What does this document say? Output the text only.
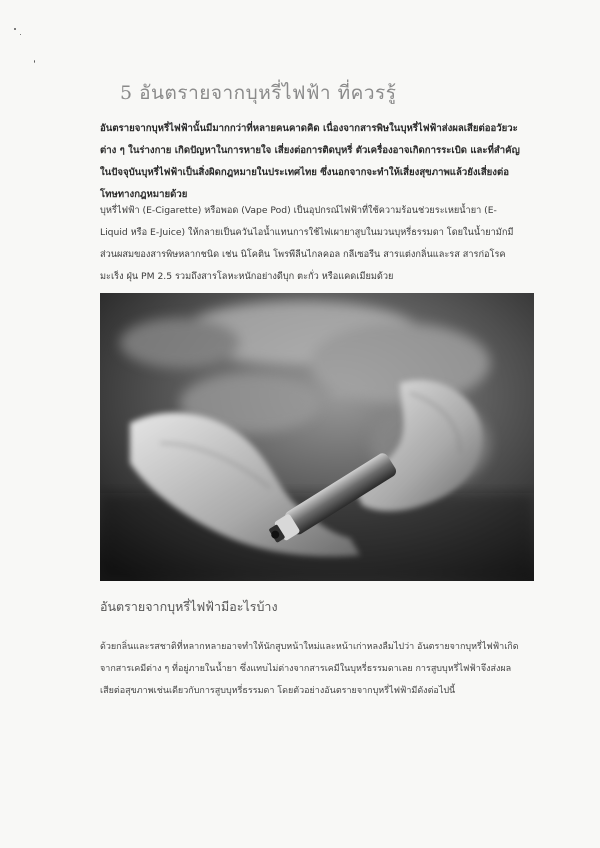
5 อันตรายจากบุหรี่ไฟฟ้า ที่ควรรู้

อันตรายจากบุหรี่ไฟฟ้านั้นมีมากกว่าที่หลายคนคาดคิด เนื่องจากสารพิษในบุหรี่ไฟฟ้าส่งผลเสียต่ออวัยวะต่าง ๆ ในร่างกาย เกิดปัญหาในการหายใจ เสี่ยงต่อการติดบุหรี่ ตัวเครื่องอาจเกิดการระเบิด และที่สำคัญ ในปัจจุบันบุหรี่ไฟฟ้าเป็นสิ่งผิดกฎหมายในประเทศไทย ซึ่งนอกจากจะทำให้เสี่ยงสุขภาพแล้วยังเสี่ยงต่อโทษทางกฎหมายด้วย

บุหรี่ไฟฟ้า (E-Cigarette) หรือพอด (Vape Pod) เป็นอุปกรณ์ไฟฟ้าที่ใช้ความร้อนช่วยระเหยน้ำยา (E-Liquid หรือ E-Juice) ให้กลายเป็นควันไอน้ำแทนการใช้ไฟเผายาสูบในมวนบุหรี่ธรรมดา โดยในน้ำยามักมีส่วนผสมของสารพิษหลากชนิด เช่น นิโคติน โพรพีลีนไกลคอล กลีเซอรีน สารแต่งกลิ่นและรส สารก่อโรคมะเร็ง ฝุ่น PM 2.5 รวมถึงสารโลหะหนักอย่างดีบุก ตะกั่ว หรือแคดเมียมด้วย

อันตรายจากบุหรี่ไฟฟ้ามีอะไรบ้าง

ด้วยกลิ่นและรสชาติที่หลากหลายอาจทำให้นักสูบหน้าใหม่และหน้าเก่าหลงลืมไปว่า อันตรายจากบุหรี่ไฟฟ้าเกิดจากสารเคมีต่าง ๆ ที่อยู่ภายในน้ำยา ซึ่งแทบไม่ต่างจากสารเคมีในบุหรี่ธรรมดาเลย การสูบบุหรี่ไฟฟ้าจึงส่งผลเสียต่อสุขภาพเช่นเดียวกับการสูบบุหรี่ธรรมดา โดยตัวอย่างอันตรายจากบุหรี่ไฟฟ้ามีดังต่อไปนี้
